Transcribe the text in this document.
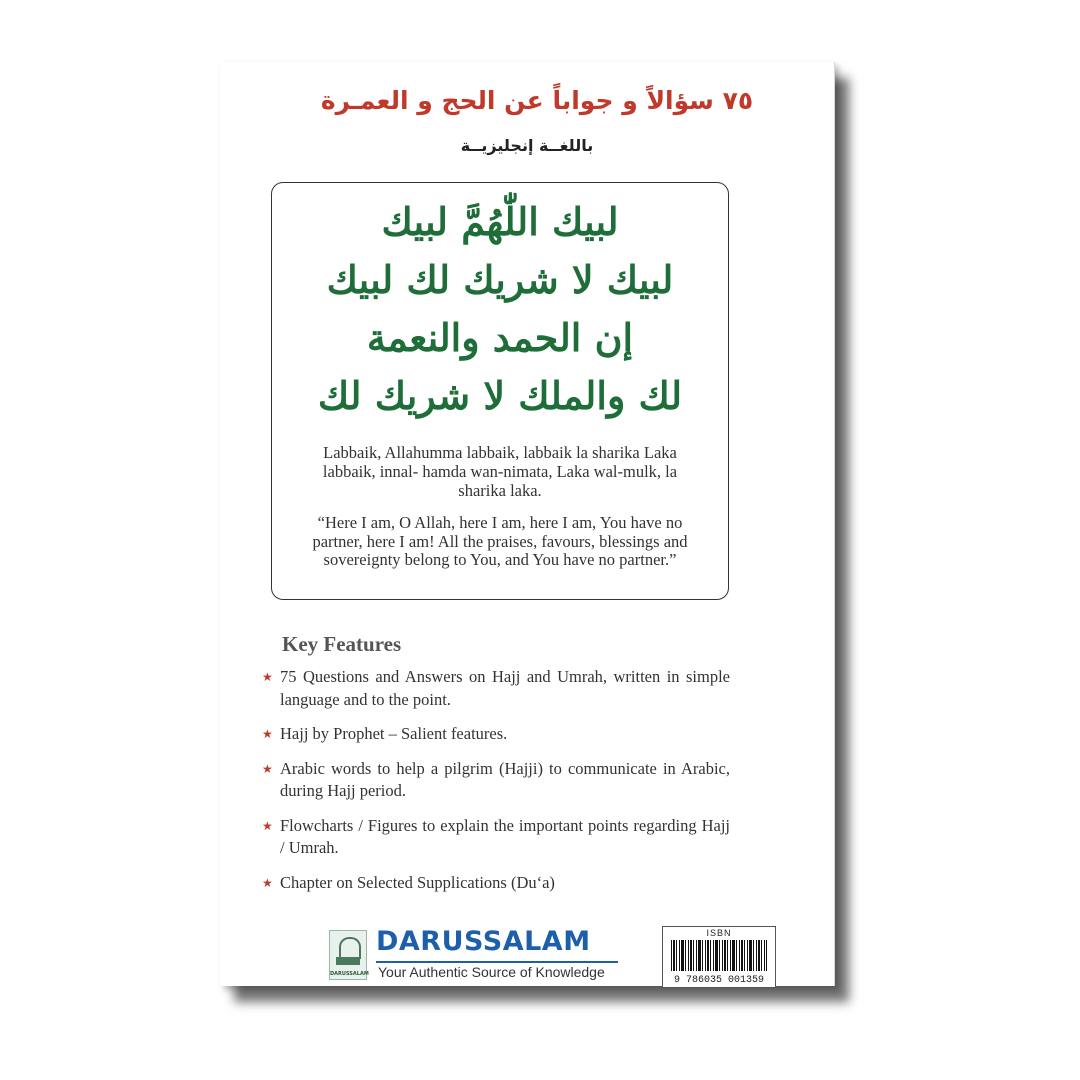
٧٥ سؤالاً و جواباً عن الحج و العمـرة
باللغــة إنجليزيــة
لبيك اللّٰهُمَّ لبيك
لبيك لا شريك لك لبيك
إن الحمد والنعمة
لك والملك لا شريك لك
Labbaik, Allahumma labbaik, labbaik la sharika Laka labbaik, innal- hamda wan-nimata, Laka wal-mulk, la sharika laka.
“Here I am, O Allah, here I am, here I am, You have no partner, here I am! All the praises, favours, blessings and sovereignty belong to You, and You have no partner.”
Key Features
★ 75 Questions and Answers on Hajj and Umrah, written in simple language and to the point.
★ Hajj by Prophet – Salient features.
★ Arabic words to help a pilgrim (Hajji) to communicate in Arabic, during Hajj period.
★ Flowcharts / Figures to explain the important points regarding Hajj / Umrah.
★ Chapter on Selected Supplications (Du‘a)
DARUSSALAM
DARUSSALAM
Your Authentic Source of Knowledge
ISBN
9 786035 001359
